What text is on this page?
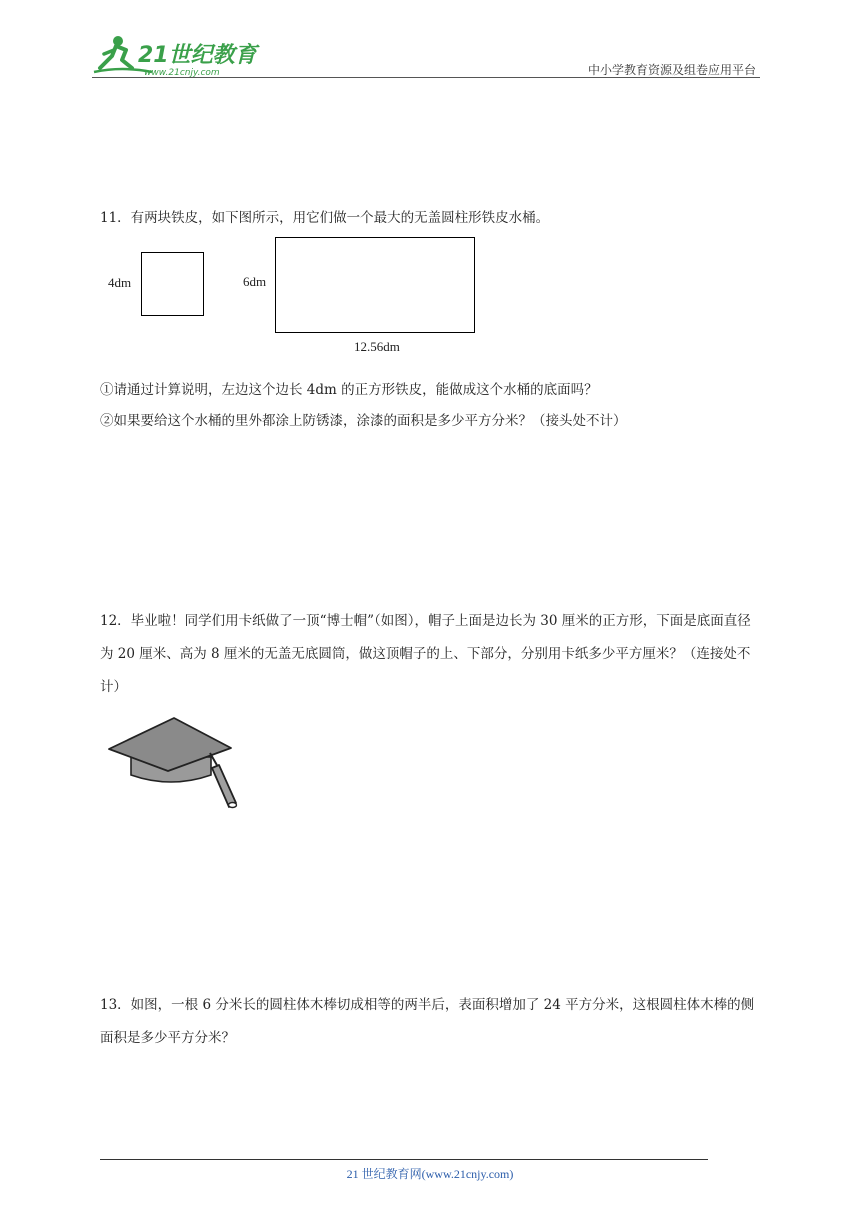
21世纪教育
www.21cnjy.com	中小学教育资源及组卷应用平台
11．有两块铁皮，如下图所示，用它们做一个最大的无盖圆柱形铁皮水桶。
4dm	6dm
12.56dm
①请通过计算说明，左边这个边长 4dm 的正方形铁皮，能做成这个水桶的底面吗？
②如果要给这个水桶的里外都涂上防锈漆，涂漆的面积是多少平方分米？（接头处不计）
12．毕业啦！同学们用卡纸做了一顶“博士帽”（如图），帽子上面是边长为 30 厘米的正方形，下面是底面直径为 20 厘米、高为 8 厘米的无盖无底圆筒，做这顶帽子的上、下部分，分别用卡纸多少平方厘米？（连接处不计）
13．如图，一根 6 分米长的圆柱体木棒切成相等的两半后，表面积增加了 24 平方分米，这根圆柱体木棒的侧面积是多少平方分米？
21 世纪教育网(www.21cnjy.com)
